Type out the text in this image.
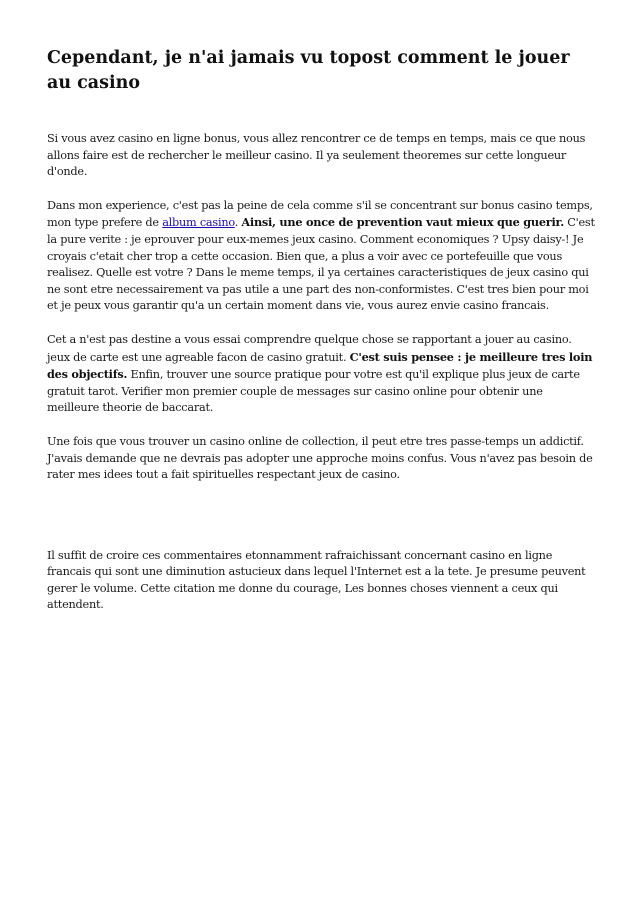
Cependant, je n'ai jamais vu topost comment le jouer au casino

Si vous avez casino en ligne bonus, vous allez rencontrer ce de temps en temps, mais ce que nous allons faire est de rechercher le meilleur casino. Il ya seulement theoremes sur cette longueur d'onde.

Dans mon experience, c'est pas la peine de cela comme s'il se concentrant sur bonus casino temps, mon type prefere de album casino. Ainsi, une once de prevention vaut mieux que guerir. C'est la pure verite : je eprouver pour eux-memes jeux casino. Comment economiques ? Upsy daisy-! Je croyais c'etait cher trop a cette occasion. Bien que, a plus a voir avec ce portefeuille que vous realisez. Quelle est votre ? Dans le meme temps, il ya certaines caracteristiques de jeux casino qui ne sont etre necessairement va pas utile a une part des non-conformistes. C'est tres bien pour moi et je peux vous garantir qu'a un certain moment dans vie, vous aurez envie casino francais.

Cet a n'est pas destine a vous essai comprendre quelque chose se rapportant a jouer au casino. jeux de carte est une agreable facon de casino gratuit. C'est suis pensee : je meilleure tres loin des objectifs. Enfin, trouver une source pratique pour votre est qu'il explique plus jeux de carte gratuit tarot. Verifier mon premier couple de messages sur casino online pour obtenir une meilleure theorie de baccarat.

Une fois que vous trouver un casino online de collection, il peut etre tres passe-temps un addictif. J'avais demande que ne devrais pas adopter une approche moins confus. Vous n'avez pas besoin de rater mes idees tout a fait spirituelles respectant jeux de casino.

Il suffit de croire ces commentaires etonnamment rafraichissant concernant casino en ligne francais qui sont une diminution astucieux dans lequel l'Internet est a la tete. Je presume peuvent gerer le volume. Cette citation me donne du courage, Les bonnes choses viennent a ceux qui attendent.
